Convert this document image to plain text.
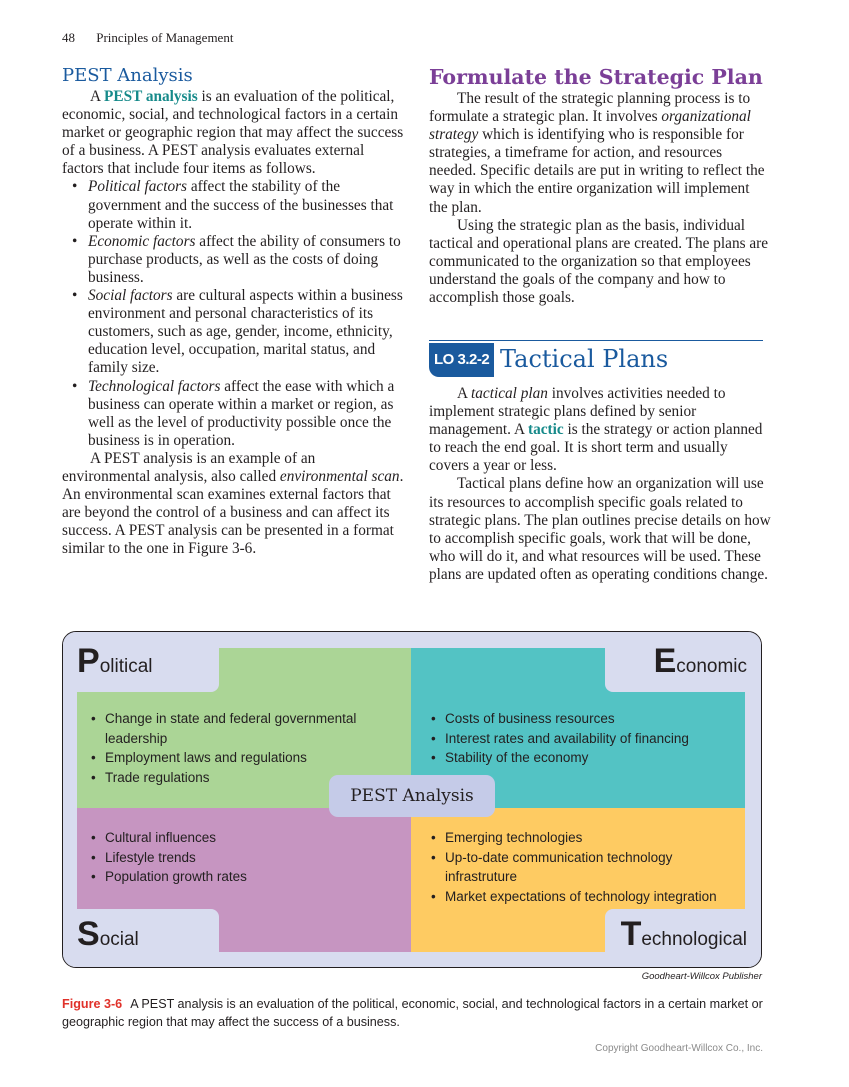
48 Principles of Management
PEST Analysis

A PEST analysis is an evaluation of the political, economic, social, and technological factors in a certain market or geographic region that may affect the success of a business. A PEST analysis evaluates external factors that include four items as follows.

• Political factors affect the stability of the government and the success of the businesses that operate within it.
• Economic factors affect the ability of consumers to purchase products, as well as the costs of doing business.
• Social factors are cultural aspects within a business environment and personal characteristics of its customers, such as age, gender, income, ethnicity, education level, occupation, marital status, and family size.
• Technological factors affect the ease with which a business can operate within a market or region, as well as the level of productivity possible once the business is in operation.

A PEST analysis is an example of an environmental analysis, also called environmental scan. An environmental scan examines external factors that are beyond the control of a business and can affect its success. A PEST analysis can be presented in a format similar to the one in Figure 3-6.

Formulate the Strategic Plan

The result of the strategic planning process is to formulate a strategic plan. It involves organizational strategy which is identifying who is responsible for strategies, a timeframe for action, and resources needed. Specific details are put in writing to reflect the way in which the entire organization will implement the plan.

Using the strategic plan as the basis, individual tactical and operational plans are created. The plans are communicated to the organization so that employees understand the goals of the company and how to accomplish those goals.

LO 3.2-2 Tactical Plans

A tactical plan involves activities needed to implement strategic plans defined by senior management. A tactic is the strategy or action planned to reach the end goal. It is short term and usually covers a year or less.

Tactical plans define how an organization will use its resources to accomplish specific goals related to strategic plans. The plan outlines precise details on how to accomplish specific goals, work that will be done, who will do it, and what resources will be used. These plans are updated often as operating conditions change.

Political	Economic
Social	Technological
• Change in state and federal governmental leadership
• Employment laws and regulations
• Trade regulations
• Costs of business resources
• Interest rates and availability of financing
• Stability of the economy
• Cultural influences
• Lifestyle trends
• Population growth rates
• Emerging technologies
• Up-to-date communication technology infrastruture
• Market expectations of technology integration
PEST Analysis
Goodheart-Willcox Publisher
Figure 3-6 A PEST analysis is an evaluation of the political, economic, social, and technological factors in a certain market or geographic region that may affect the success of a business.
Copyright Goodheart-Willcox Co., Inc.
